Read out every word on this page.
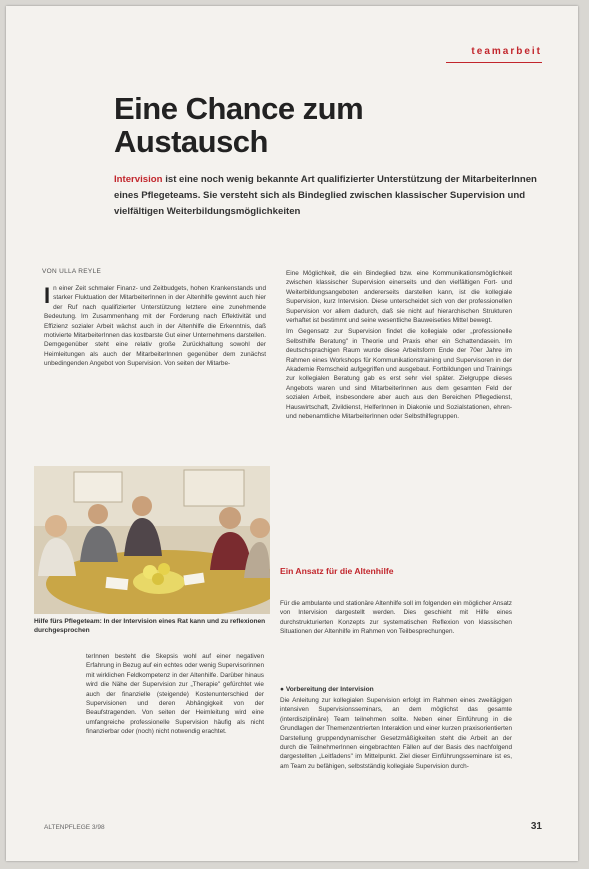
teamarbeit
Eine Chance zum
Austausch

Intervision ist eine noch wenig bekannte Art qualifizierter Unterstützung der MitarbeiterInnen eines Pflegeteams. Sie versteht sich als Bindeglied zwischen klassischer Supervision und vielfältigen Weiterbildungsmöglichkeiten

VON ULLA REYLE
I n einer Zeit schmaler Finanz- und Zeitbudgets, hohen Krankenstands und starker Fluktuation der MitarbeiterInnen in der Altenhilfe gewinnt auch hier der Ruf nach qualifizierter Unterstützung letztere eine zunehmende Bedeutung. Im Zusammenhang mit der Forderung nach Effektivität und Effizienz sozialer Arbeit wächst auch in der Altenhilfe die Erkenntnis, daß motivierte MitarbeiterInnen das kostbarste Gut einer Unternehmens darstellen. Demgegenüber steht eine relativ große Zurückhaltung sowohl der Heimleitungen als auch der MitarbeiterInnen gegenüber dem zunächst unbedingenden Angebot von Supervision. Von seiten der Mitarbe-

Hilfe fürs Pflegeteam: In der Intervision eines Rat kann und zu reflexionen durchgesprochen

Eine Möglichkeit, die ein Bindeglied bzw. eine Kommunikationsmöglichkeit zwischen klassischer Supervision einerseits und den vielfältigen Fort- und Weiterbildungsangeboten andererseits darstellen kann, ist die kollegiale Supervision, kurz Intervision. Diese unterscheidet sich von der professionellen Supervision vor allem dadurch, daß sie nicht auf hierarchischen Strukturen verhaftet ist bestimmt und seine wesentliche Bauweiseties Mittel bewegt.

Im Gegensatz zur Supervision findet die kollegiale oder „professionelle Selbsthilfe Beratung" in Theorie und Praxis eher ein Schattendasein. Im deutschsprachigen Raum wurde diese Arbeitsform Ende der 70er Jahre im Rahmen eines Workshops für Kommunikationstraining und Supervisoren in der Akademie Remscheid aufgegriffen und ausgebaut. Fortbildungen und Trainings zur kollegialen Beratung gab es erst sehr viel später. Zielgruppe dieses Angebots waren und sind MitarbeiterInnen aus dem gesamten Feld der sozialen Arbeit, insbesondere aber auch aus den Bereichen Pflegedienst, Hauswirtschaft, Zivildienst, HelferInnen in Diakonie und Sozialstationen, ehren- und nebenamtliche MitarbeiterInnen oder Selbsthilfegruppen.

Ein Ansatz für die Altenhilfe

Für die ambulante und stationäre Altenhilfe soll im folgenden ein möglicher Ansatz von Intervision dargestellt werden. Dies geschieht mit Hilfe eines durchstrukturierten Konzepts zur systematischen Reflexion von klassischen Situationen der Altenhilfe im Rahmen von Teilbesprechungen.

● Vorbereitung der Intervision

Die Anleitung zur kollegialen Supervision erfolgt im Rahmen eines zweitägigen intensiven Supervisionsseminars, an dem möglichst das gesamte (interdisziplinäre) Team teilnehmen sollte. Neben einer Einführung in die Grundlagen der Themenzentrierten Interaktion und einer kurzen praxisorientierten Darstellung gruppendynamischer Gesetzmäßigkeiten steht die Arbeit an der durch die TeilnehmerInnen eingebrachten Fällen auf der Basis des nachfolgend dargestellten „Leitfadens" im Mittelpunkt. Ziel dieser Einführungsseminare ist es, am Team zu befähigen, selbstständig kollegiale Supervision durch-

terInnen besteht die Skepsis wohl auf einer negativen Erfahrung in Bezug auf ein echtes oder wenig Supervisorinnen mit wirklichen Feldkompetenz in der Altenhilfe. Darüber hinaus wird die Nähe der Supervision zur „Therapie" gefürchtet wie auch der finanzielle (steigende) Kostenunterschied der Supervisionen und deren Abhängigkeit von der Beaufstragenden. Von seiten der Heimleitung wird eine umfangreiche professionelle Supervision häufig als nicht finanzierbar oder (noch) nicht notwendig erachtet.

ALTENPFLEGE 3/98	31
